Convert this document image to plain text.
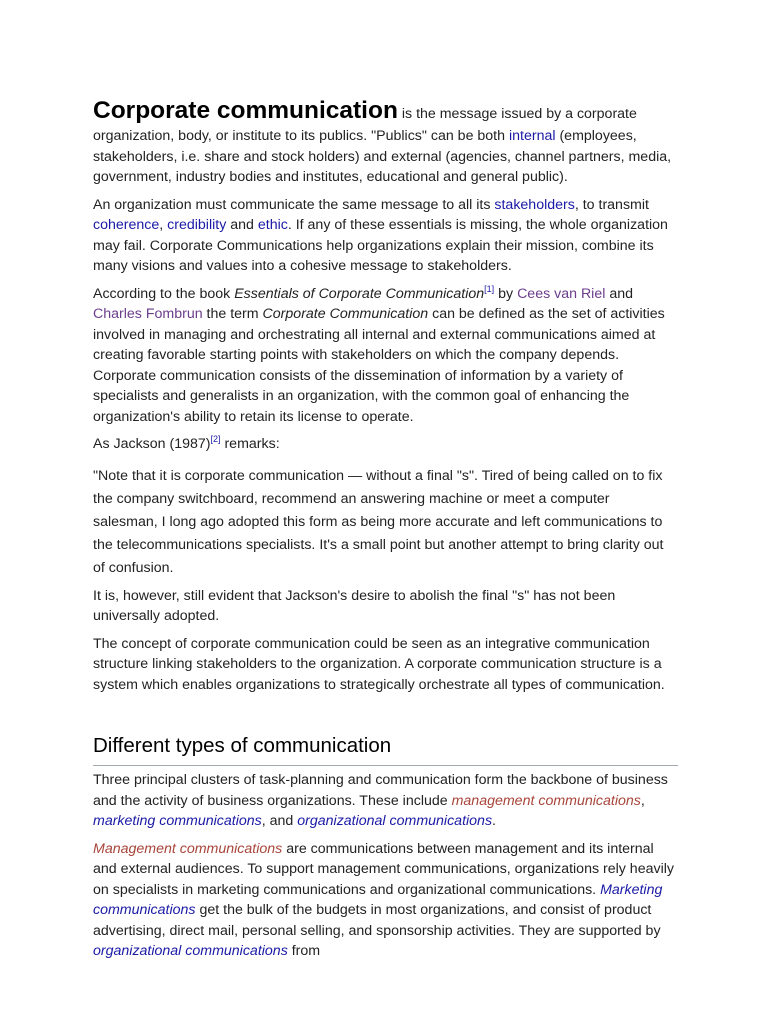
Corporate communication is the message issued by a corporate organization, body, or institute to its publics. "Publics" can be both internal (employees, stakeholders, i.e. share and stock holders) and external (agencies, channel partners, media, government, industry bodies and institutes, educational and general public).

An organization must communicate the same message to all its stakeholders, to transmit coherence, credibility and ethic. If any of these essentials is missing, the whole organization may fail. Corporate Communications help organizations explain their mission, combine its many visions and values into a cohesive message to stakeholders.

According to the book Essentials of Corporate Communication[1] by Cees van Riel and Charles Fombrun the term Corporate Communication can be defined as the set of activities involved in managing and orchestrating all internal and external communications aimed at creating favorable starting points with stakeholders on which the company depends. Corporate communication consists of the dissemination of information by a variety of specialists and generalists in an organization, with the common goal of enhancing the organization's ability to retain its license to operate.

As Jackson (1987)[2] remarks:

"Note that it is corporate communication — without a final "s". Tired of being called on to fix the company switchboard, recommend an answering machine or meet a computer salesman, I long ago adopted this form as being more accurate and left communications to the telecommunications specialists. It's a small point but another attempt to bring clarity out of confusion.

It is, however, still evident that Jackson's desire to abolish the final "s" has not been universally adopted.

The concept of corporate communication could be seen as an integrative communication structure linking stakeholders to the organization. A corporate communication structure is a system which enables organizations to strategically orchestrate all types of communication.

Different types of communication

Three principal clusters of task-planning and communication form the backbone of business and the activity of business organizations. These include management communications, marketing communications, and organizational communications.

Management communications are communications between management and its internal and external audiences. To support management communications, organizations rely heavily on specialists in marketing communications and organizational communications. Marketing communications get the bulk of the budgets in most organizations, and consist of product advertising, direct mail, personal selling, and sponsorship activities. They are supported by organizational communications from
